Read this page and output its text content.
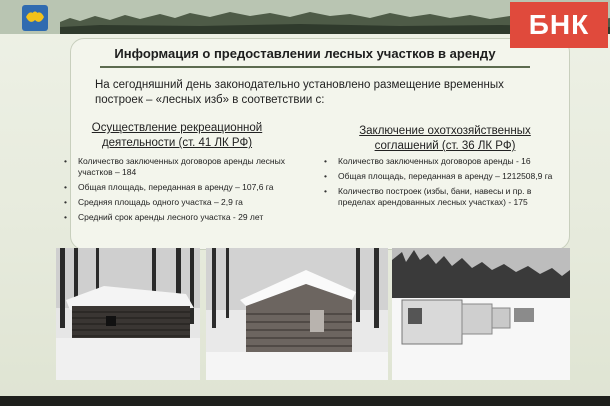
Информация о предоставлении лесных участков в аренду
На сегодняшний день законодательно установлено размещение временных построек – «лесных изб» в соответствии с:
Осуществление рекреационной деятельности (ст. 41 ЛК РФ)
Заключение охотхозяйственных соглашений (ст. 36 ЛК РФ)
• Количество заключенных договоров аренды лесных участков – 184
• Общая площадь, переданная в аренду – 107,6 га
• Средняя площадь одного участка – 2,9 га
• Средний срок аренды лесного участка - 29 лет
• Количество заключенных договоров аренды - 16
• Общая площадь, переданная в аренду – 1212508,9 га
• Количество построек (избы, бани, навесы и пр. в пределах арендованных лесных участках) - 175
БНК
